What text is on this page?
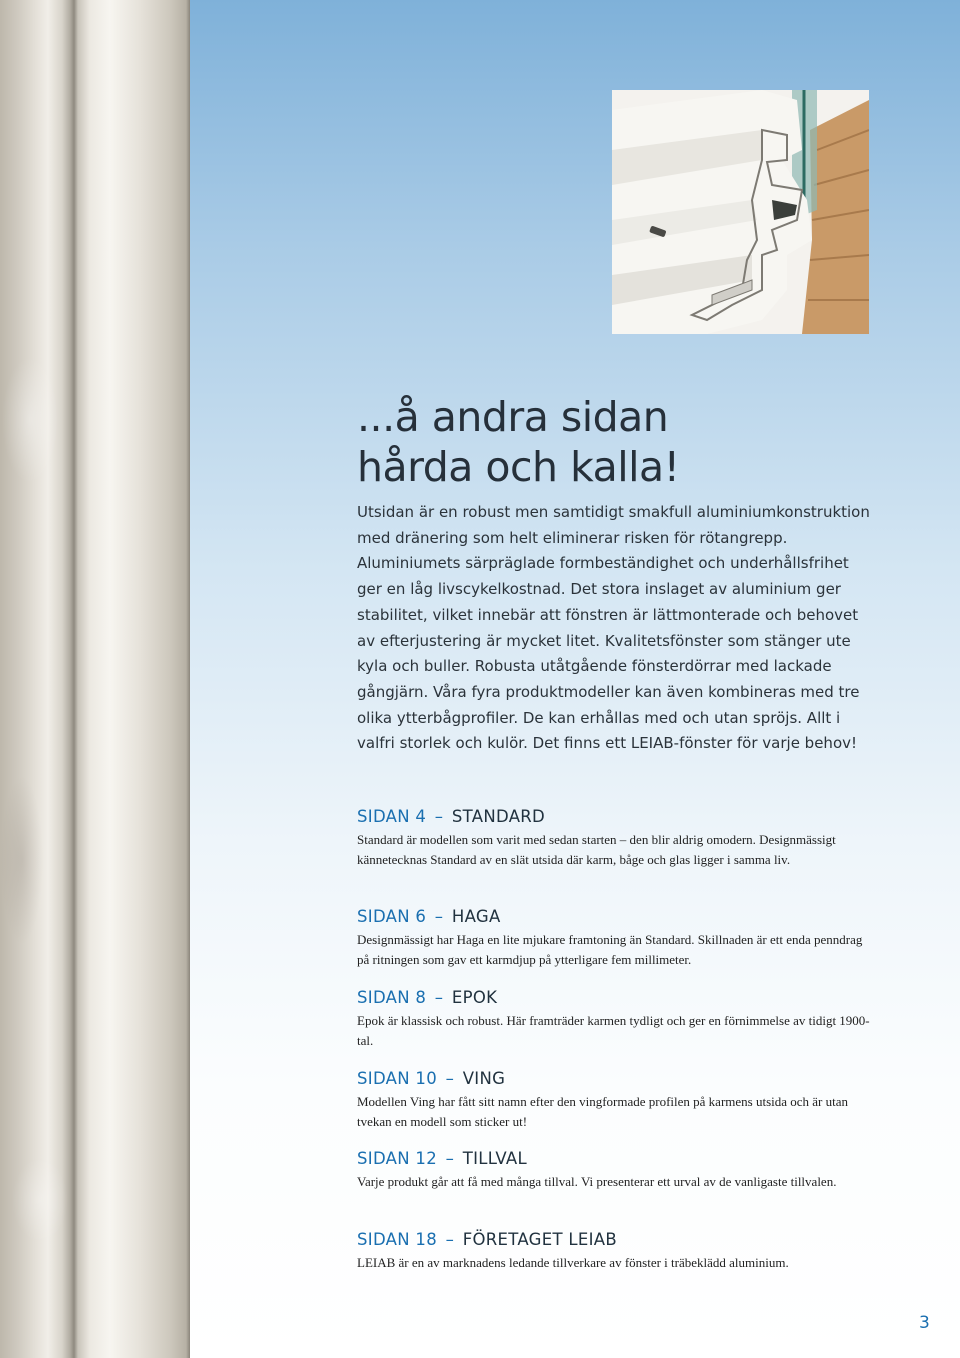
...å andra sidan
hårda och kalla!
Utsidan är en robust men samtidigt smakfull aluminiumkonstruktion med dränering som helt eliminerar risken för rötangrepp. Aluminiumets särpräglade formbeständighet och underhållsfrihet ger en låg livscykelkostnad. Det stora inslaget av aluminium ger stabilitet, vilket innebär att fönstren är lättmonterade och behovet av efterjustering är mycket litet. Kvalitetsfönster som stänger ute kyla och buller. Robusta utåtgående fönsterdörrar med lackade gångjärn. Våra fyra produktmodeller kan även kombineras med tre olika ytterbågprofiler. De kan erhållas med och utan spröjs. Allt i valfri storlek och kulör. Det finns ett LEIAB-fönster för varje behov!
SIDAN 4 – STANDARD
Standard är modellen som varit med sedan starten – den blir aldrig omodern. Designmässigt kännetecknas Standard av en slät utsida där karm, båge och glas ligger i samma liv.
SIDAN 6 – HAGA
Designmässigt har Haga en lite mjukare framtoning än Standard. Skillnaden är ett enda penndrag på ritningen som gav ett karmdjup på ytterligare fem millimeter.
SIDAN 8 – EPOK
Epok är klassisk och robust. Här framträder karmen tydligt och ger en förnimmelse av tidigt 1900-tal.
SIDAN 10 – VING
Modellen Ving har fått sitt namn efter den vingformade profilen på karmens utsida och är utan tvekan en modell som sticker ut!
SIDAN 12 – TILLVAL
Varje produkt går att få med många tillval. Vi presenterar ett urval av de vanligaste tillvalen.
SIDAN 18 – FÖRETAGET LEIAB
LEIAB är en av marknadens ledande tillverkare av fönster i träbeklädd aluminium.
3
